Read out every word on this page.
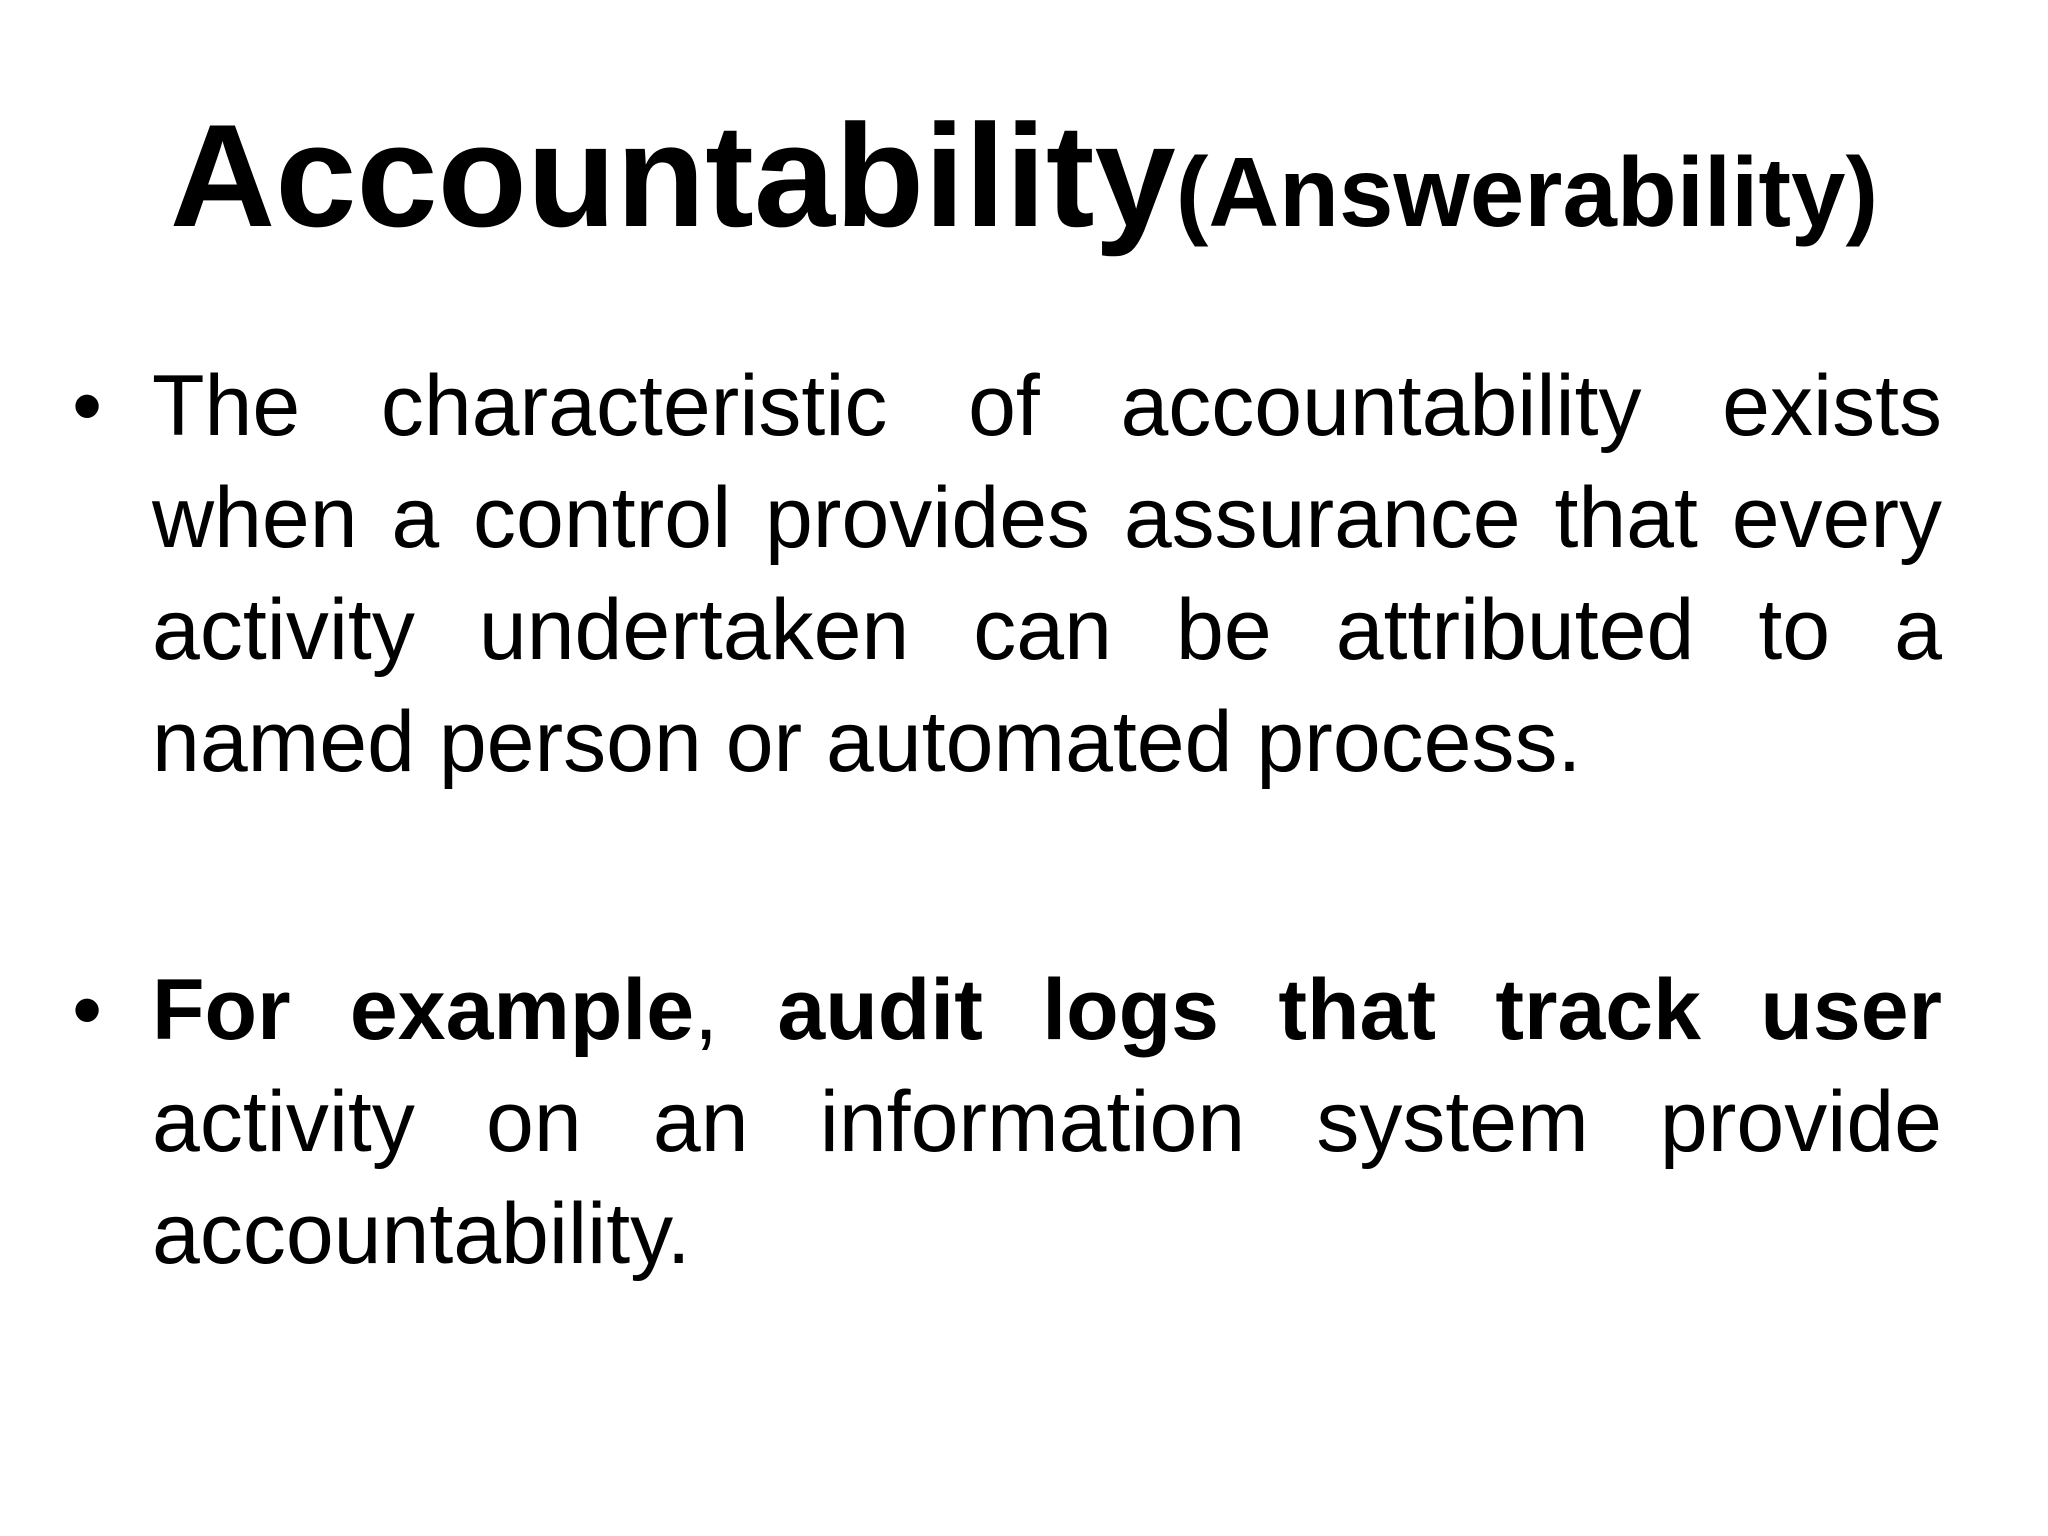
Accountability(Answerability)
• The characteristic of accountability exists when a control provides assurance that every activity undertaken can be attributed to a named person or automated process.
• For example, audit logs that track user activity on an information system provide accountability.
